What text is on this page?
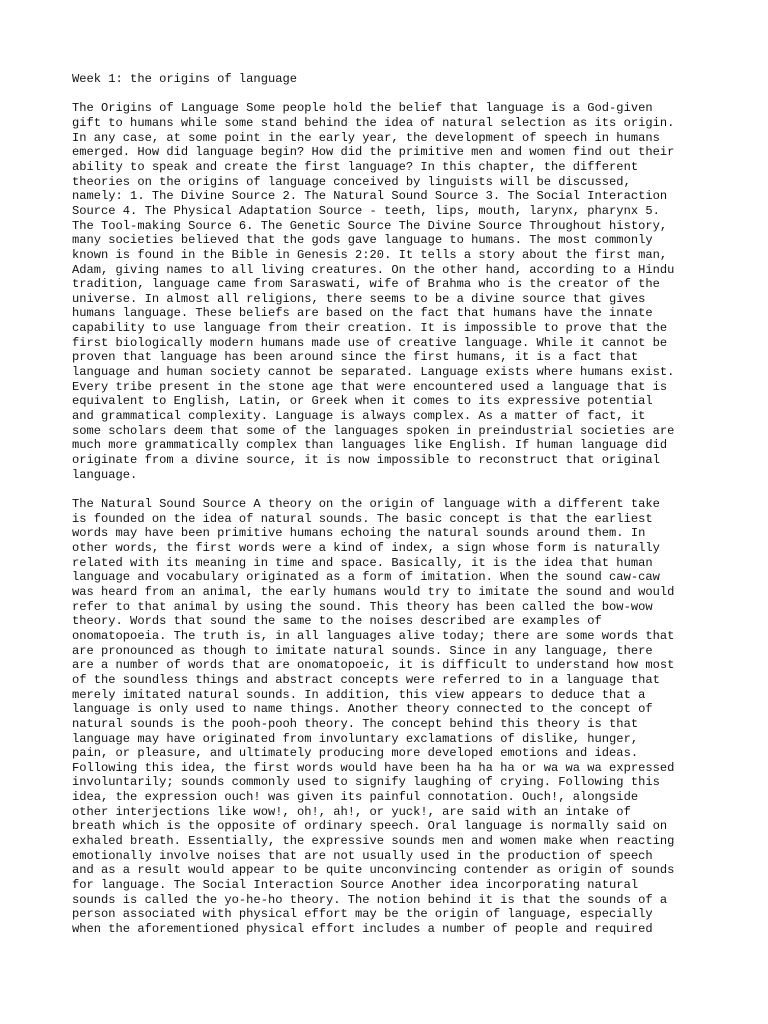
Week 1: the origins of language
The Origins of Language Some people hold the belief that language is a God-given
gift to humans while some stand behind the idea of natural selection as its origin.
In any case, at some point in the early year, the development of speech in humans
emerged. How did language begin? How did the primitive men and women find out their
ability to speak and create the first language? In this chapter, the different
theories on the origins of language conceived by linguists will be discussed,
namely: 1. The Divine Source 2. The Natural Sound Source 3. The Social Interaction
Source 4. The Physical Adaptation Source - teeth, lips, mouth, larynx, pharynx 5.
The Tool-making Source 6. The Genetic Source The Divine Source Throughout history,
many societies believed that the gods gave language to humans. The most commonly
known is found in the Bible in Genesis 2:20. It tells a story about the first man,
Adam, giving names to all living creatures. On the other hand, according to a Hindu
tradition, language came from Saraswati, wife of Brahma who is the creator of the
universe. In almost all religions, there seems to be a divine source that gives
humans language. These beliefs are based on the fact that humans have the innate
capability to use language from their creation. It is impossible to prove that the
first biologically modern humans made use of creative language. While it cannot be
proven that language has been around since the first humans, it is a fact that
language and human society cannot be separated. Language exists where humans exist.
Every tribe present in the stone age that were encountered used a language that is
equivalent to English, Latin, or Greek when it comes to its expressive potential
and grammatical complexity. Language is always complex. As a matter of fact, it
some scholars deem that some of the languages spoken in preindustrial societies are
much more grammatically complex than languages like English. If human language did
originate from a divine source, it is now impossible to reconstruct that original
language.
The Natural Sound Source A theory on the origin of language with a different take
is founded on the idea of natural sounds. The basic concept is that the earliest
words may have been primitive humans echoing the natural sounds around them. In
other words, the first words were a kind of index, a sign whose form is naturally
related with its meaning in time and space. Basically, it is the idea that human
language and vocabulary originated as a form of imitation. When the sound caw-caw
was heard from an animal, the early humans would try to imitate the sound and would
refer to that animal by using the sound. This theory has been called the bow-wow
theory. Words that sound the same to the noises described are examples of
onomatopoeia. The truth is, in all languages alive today; there are some words that
are pronounced as though to imitate natural sounds. Since in any language, there
are a number of words that are onomatopoeic, it is difficult to understand how most
of the soundless things and abstract concepts were referred to in a language that
merely imitated natural sounds. In addition, this view appears to deduce that a
language is only used to name things. Another theory connected to the concept of
natural sounds is the pooh-pooh theory. The concept behind this theory is that
language may have originated from involuntary exclamations of dislike, hunger,
pain, or pleasure, and ultimately producing more developed emotions and ideas.
Following this idea, the first words would have been ha ha ha or wa wa wa expressed
involuntarily; sounds commonly used to signify laughing of crying. Following this
idea, the expression ouch! was given its painful connotation. Ouch!, alongside
other interjections like wow!, oh!, ah!, or yuck!, are said with an intake of
breath which is the opposite of ordinary speech. Oral language is normally said on
exhaled breath. Essentially, the expressive sounds men and women make when reacting
emotionally involve noises that are not usually used in the production of speech
and as a result would appear to be quite unconvincing contender as origin of sounds
for language. The Social Interaction Source Another idea incorporating natural
sounds is called the yo-he-ho theory. The notion behind it is that the sounds of a
person associated with physical effort may be the origin of language, especially
when the aforementioned physical effort includes a number of people and required
